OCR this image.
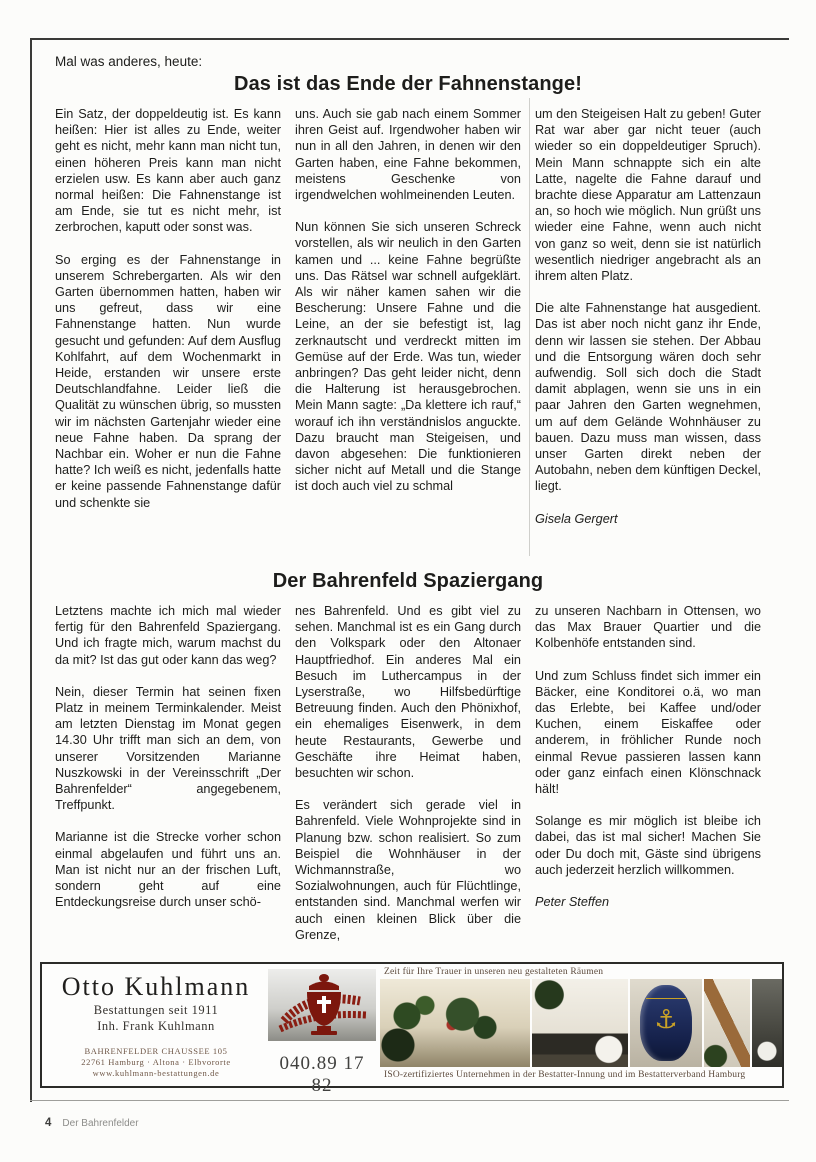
Mal was anderes, heute:

Das ist das Ende der Fahnenstange!

Ein Satz, der doppeldeutig ist. Es kann heißen: Hier ist alles zu Ende, weiter geht es nicht, mehr kann man nicht tun, einen höheren Preis kann man nicht erzielen usw. Es kann aber auch ganz normal heißen: Die Fahnenstange ist am Ende, sie tut es nicht mehr, ist zerbrochen, kaputt oder sonst was.

So erging es der Fahnenstange in unserem Schrebergarten. Als wir den Garten übernommen hatten, haben wir uns gefreut, dass wir eine Fahnenstange hatten. Nun wurde gesucht und gefunden: Auf dem Ausflug Kohlfahrt, auf dem Wochenmarkt in Heide, erstanden wir unsere erste Deutschlandfahne. Leider ließ die Qualität zu wünschen übrig, so mussten wir im nächsten Gartenjahr wieder eine neue Fahne haben. Da sprang der Nachbar ein. Woher er nun die Fahne hatte? Ich weiß es nicht, jedenfalls hatte er keine passende Fahnenstange dafür und schenkte sie

uns. Auch sie gab nach einem Sommer ihren Geist auf. Irgendwoher haben wir nun in all den Jahren, in denen wir den Garten haben, eine Fahne bekommen, meistens Geschenke von irgendwelchen wohlmeinenden Leuten.

Nun können Sie sich unseren Schreck vorstellen, als wir neulich in den Garten kamen und ... keine Fahne begrüßte uns. Das Rätsel war schnell aufgeklärt. Als wir näher kamen sahen wir die Bescherung: Unsere Fahne und die Leine, an der sie befestigt ist, lag zerknautscht und verdreckt mitten im Gemüse auf der Erde. Was tun, wieder anbringen? Das geht leider nicht, denn die Halterung ist herausgebrochen. Mein Mann sagte: „Da klettere ich rauf,“ worauf ich ihn verständnislos anguckte. Dazu braucht man Steigeisen, und davon abgesehen: Die funktionieren sicher nicht auf Metall und die Stange ist doch auch viel zu schmal

um den Steigeisen Halt zu geben! Guter Rat war aber gar nicht teuer (auch wieder so ein doppeldeutiger Spruch). Mein Mann schnappte sich ein alte Latte, nagelte die Fahne darauf und brachte diese Apparatur am Lattenzaun an, so hoch wie möglich. Nun grüßt uns wieder eine Fahne, wenn auch nicht von ganz so weit, denn sie ist natürlich wesentlich niedriger angebracht als an ihrem alten Platz.

Die alte Fahnenstange hat ausgedient. Das ist aber noch nicht ganz ihr Ende, denn wir lassen sie stehen. Der Abbau und die Entsorgung wären doch sehr aufwendig. Soll sich doch die Stadt damit abplagen, wenn sie uns in ein paar Jahren den Garten wegnehmen, um auf dem Gelände Wohnhäuser zu bauen. Dazu muss man wissen, dass unser Garten direkt neben der Autobahn, neben dem künftigen Deckel, liegt.

Gisela Gergert

Der Bahrenfeld Spaziergang

Letztens machte ich mich mal wieder fertig für den Bahrenfeld Spaziergang. Und ich fragte mich, warum machst du da mit? Ist das gut oder kann das weg?

Nein, dieser Termin hat seinen fixen Platz in meinem Terminkalender. Meist am letzten Dienstag im Monat gegen 14.30 Uhr trifft man sich an dem, von unserer Vorsitzenden Marianne Nuszkowski in der Vereinsschrift „Der Bahrenfelder“ angegebenem, Treffpunkt.

Marianne ist die Strecke vorher schon einmal abgelaufen und führt uns an. Man ist nicht nur an der frischen Luft, sondern geht auf eine Entdeckungsreise durch unser schö-

nes Bahrenfeld. Und es gibt viel zu sehen. Manchmal ist es ein Gang durch den Volkspark oder den Altonaer Hauptfriedhof. Ein anderes Mal ein Besuch im Luthercampus in der Lyserstraße, wo Hilfsbedürftige Betreuung finden. Auch den Phönixhof, ein ehemaliges Eisenwerk, in dem heute Restaurants, Gewerbe und Geschäfte ihre Heimat haben, besuchten wir schon.

Es verändert sich gerade viel in Bahrenfeld. Viele Wohnprojekte sind in Planung bzw. schon realisiert. So zum Beispiel die Wohnhäuser in der Wichmannstraße, wo Sozialwohnungen, auch für Flüchtlinge, entstanden sind. Manchmal werfen wir auch einen kleinen Blick über die Grenze,

zu unseren Nachbarn in Ottensen, wo das Max Brauer Quartier und die Kolbenhöfe entstanden sind.

Und zum Schluss findet sich immer ein Bäcker, eine Konditorei o.ä, wo man das Erlebte, bei Kaffee und/oder Kuchen, einem Eiskaffee oder anderem, in fröhlicher Runde noch einmal Revue passieren lassen kann oder ganz einfach einen Klönschnack hält!

Solange es mir möglich ist bleibe ich dabei, das ist mal sicher! Machen Sie oder Du doch mit, Gäste sind übrigens auch jederzeit herzlich willkommen.

Peter Steffen

Otto Kuhlmann
Bestattungen seit 1911
Inh. Frank Kuhlmann
BAHRENFELDER CHAUSSEE 105
22761 Hamburg · Altona · Elbvororte
www.kuhlmann-bestattungen.de	040.89 17 82
Zeit für Ihre Trauer in unseren neu gestalteten Räumen
⚓
ISO-zertifiziertes Unternehmen in der Bestatter-Innung und im Bestatterverband Hamburg
4 Der Bahrenfelder
